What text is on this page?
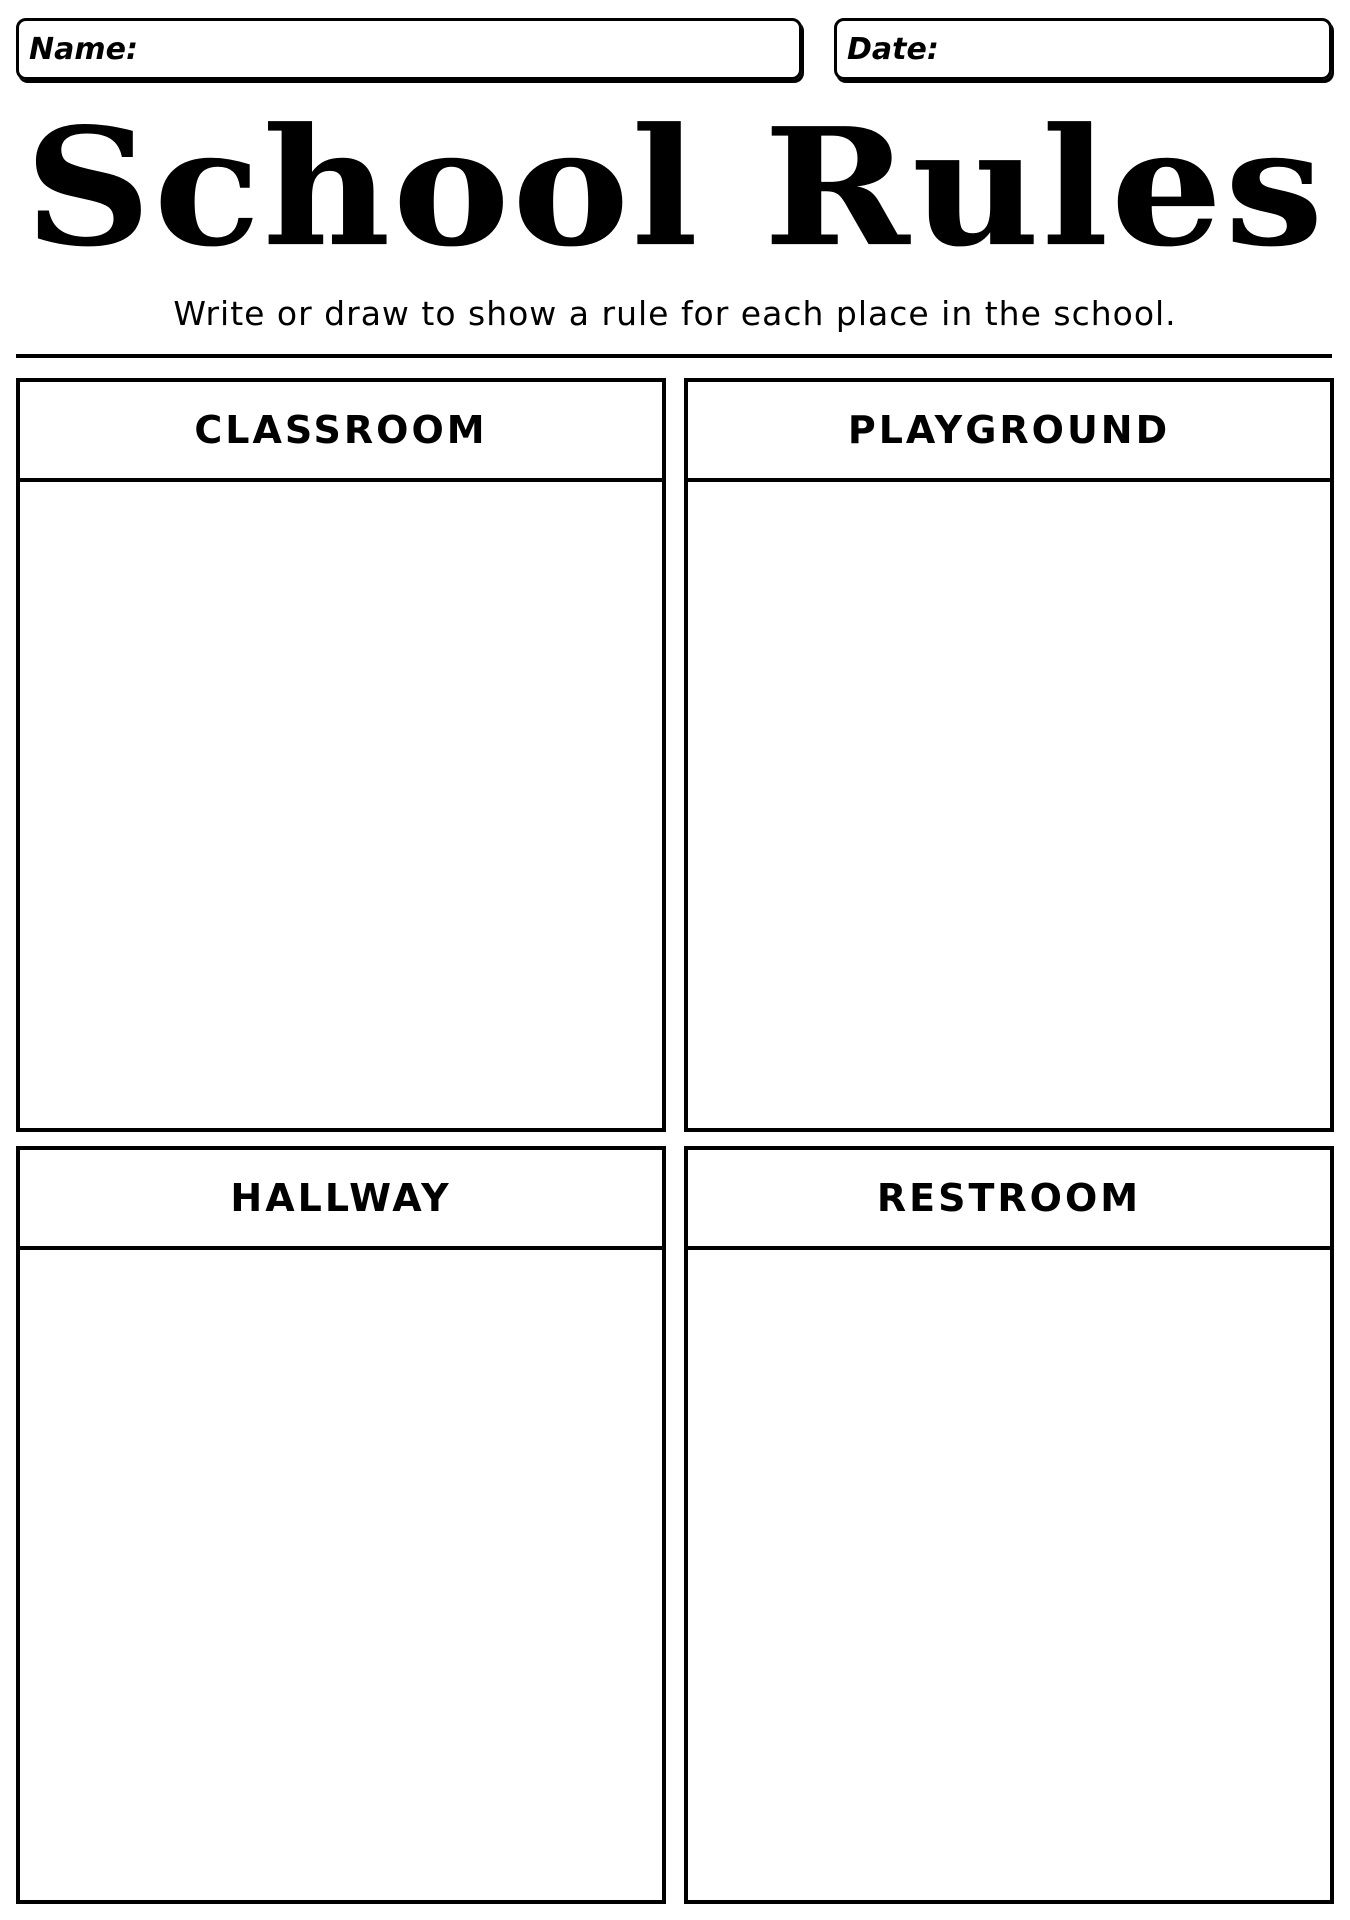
Name:	Date:
School Rules
Write or draw to show a rule for each place in the school.
CLASSROOM	PLAYGROUND
HALLWAY	RESTROOM
